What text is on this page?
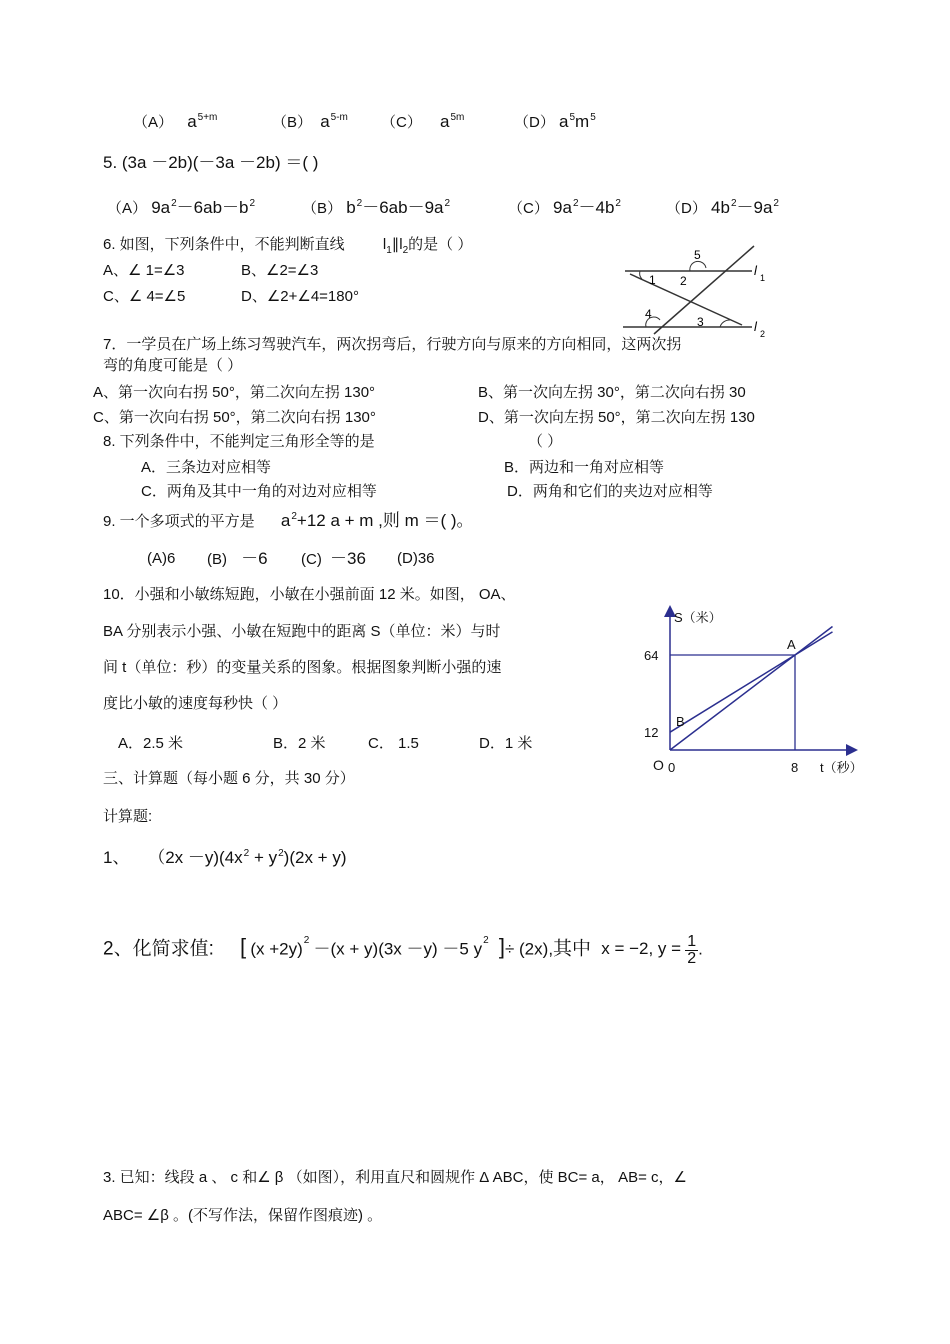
（A） $a^{5+m}$	（B） $a^{5-m}$ （C） $a^{5m}$	（D） $a^5m^5$
5. (3a －2b)(－3a －2b) ＝( )
（A） $9a^2-6ab-b^2$	（B） $b^2-6ab-9a^2$	（C） $9a^2-4b^2$	（D） $4b^2-9a^2$
6. 如图，下列条件中，不能判断直线	$l_1\parallel l_2$的是（ ）
A、∠ 1=∠3	B、∠2=∠3
C、∠ 4=∠5	D、∠2+∠4=180°
1 2
3
4
5
l 1
l 2
7．一学员在广场上练习驾驶汽车，两次拐弯后，行驶方向与原来的方向相同，这两次拐
弯的角度可能是（ ）
A、第一次向右拐 50°，第二次向左拐 130°	B、第一次向左拐 30°，第二次向右拐 30
C、第一次向右拐 50°，第二次向右拐 130°	D、第一次向左拐 50°，第二次向左拐 130
8. 下列条件中，不能判定三角形全等的是	（ ）
A．三条边对应相等	B．两边和一角对应相等
C．两角及其中一角的对边对应相等	D．两角和它们的夹边对应相等
9. 一个多项式的平方是 $a^2+12$ a + m ,则 m ＝( )。
(A)6 (B) －6 (C) －36 (D)36
10．小强和小敏练短跑，小敏在小强前面 12 米。如图， OA、
BA 分别表示小强、小敏在短跑中的距离 S（单位：米）与时
间 t（单位：秒）的变量关系的图象。根据图象判断小强的速
度比小敏的速度每秒快（ ）
A．2.5 米	B．2 米	C． 1.5	D．1 米
S（米）
t（秒）
O 0	8
12
64
A
B
三、计算题（每小题 6 分，共 30 分）
计算题:
1、 $(2x -y)(4x^2 + y^2)(2x + y)$
2、化简求值: [ $(x +2y)^2 -(x + y)(3x -y) -5$ $y^2$ ]÷ (2x),其中 x = −2, $y = \frac{1}{2}$ .
3. 已知：线段 a 、 c 和∠ β （如图），利用直尺和圆规作 Δ ABC，使 BC= a， AB= c，∠
ABC= ∠β 。(不写作法，保留作图痕迹) 。
